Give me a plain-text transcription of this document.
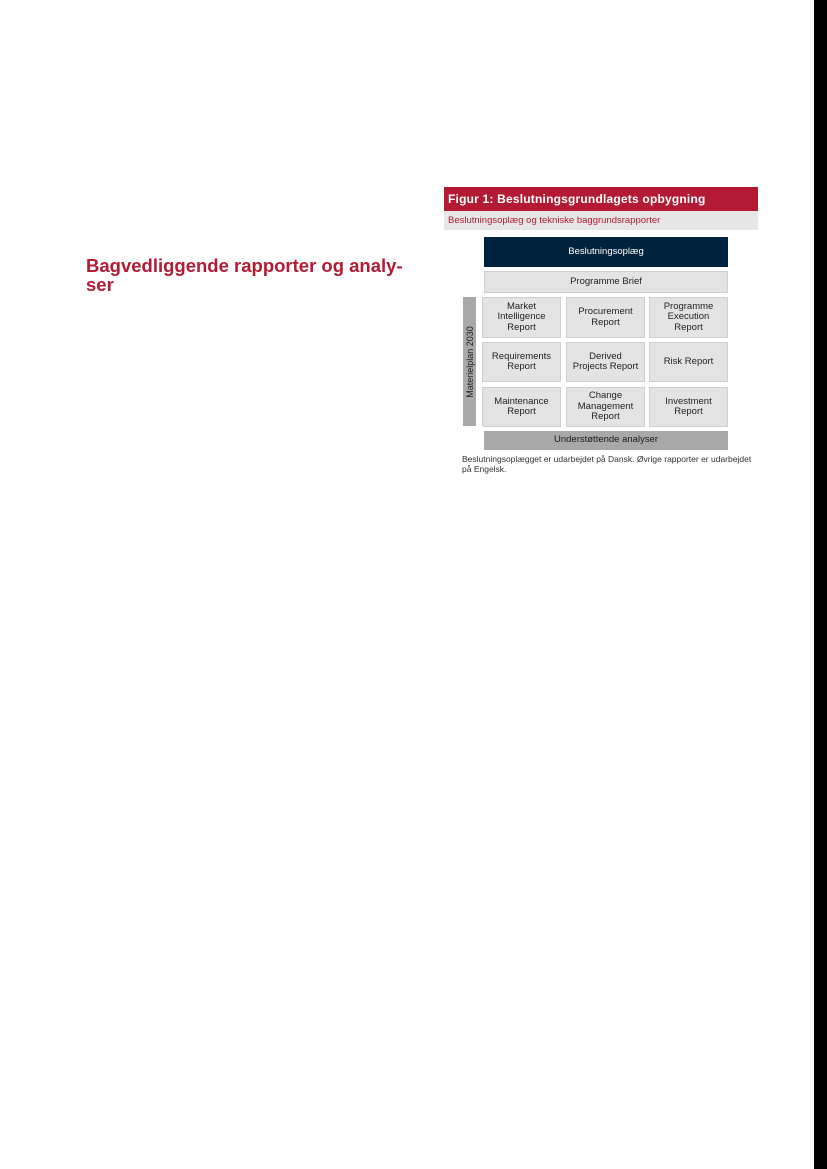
Bagvedliggende rapporter og analy-
ser
Figur 1: Beslutningsgrundlagets opbygning
Beslutningsoplæg og tekniske baggrundsrapporter
Beslutningsoplæg
Programme Brief
Materielplan 2030
Market
Intelligence
Report
Procurement
Report
Programme
Execution
Report
Requirements
Report
Derived
Projects Report	Risk Report
Maintenance
Report
Change
Management
Report
Investment
Report
Understøttende analyser

Beslutningsoplægget er udarbejdet på Dansk. Øvrige rapporter er udarbejdet på Engelsk.
